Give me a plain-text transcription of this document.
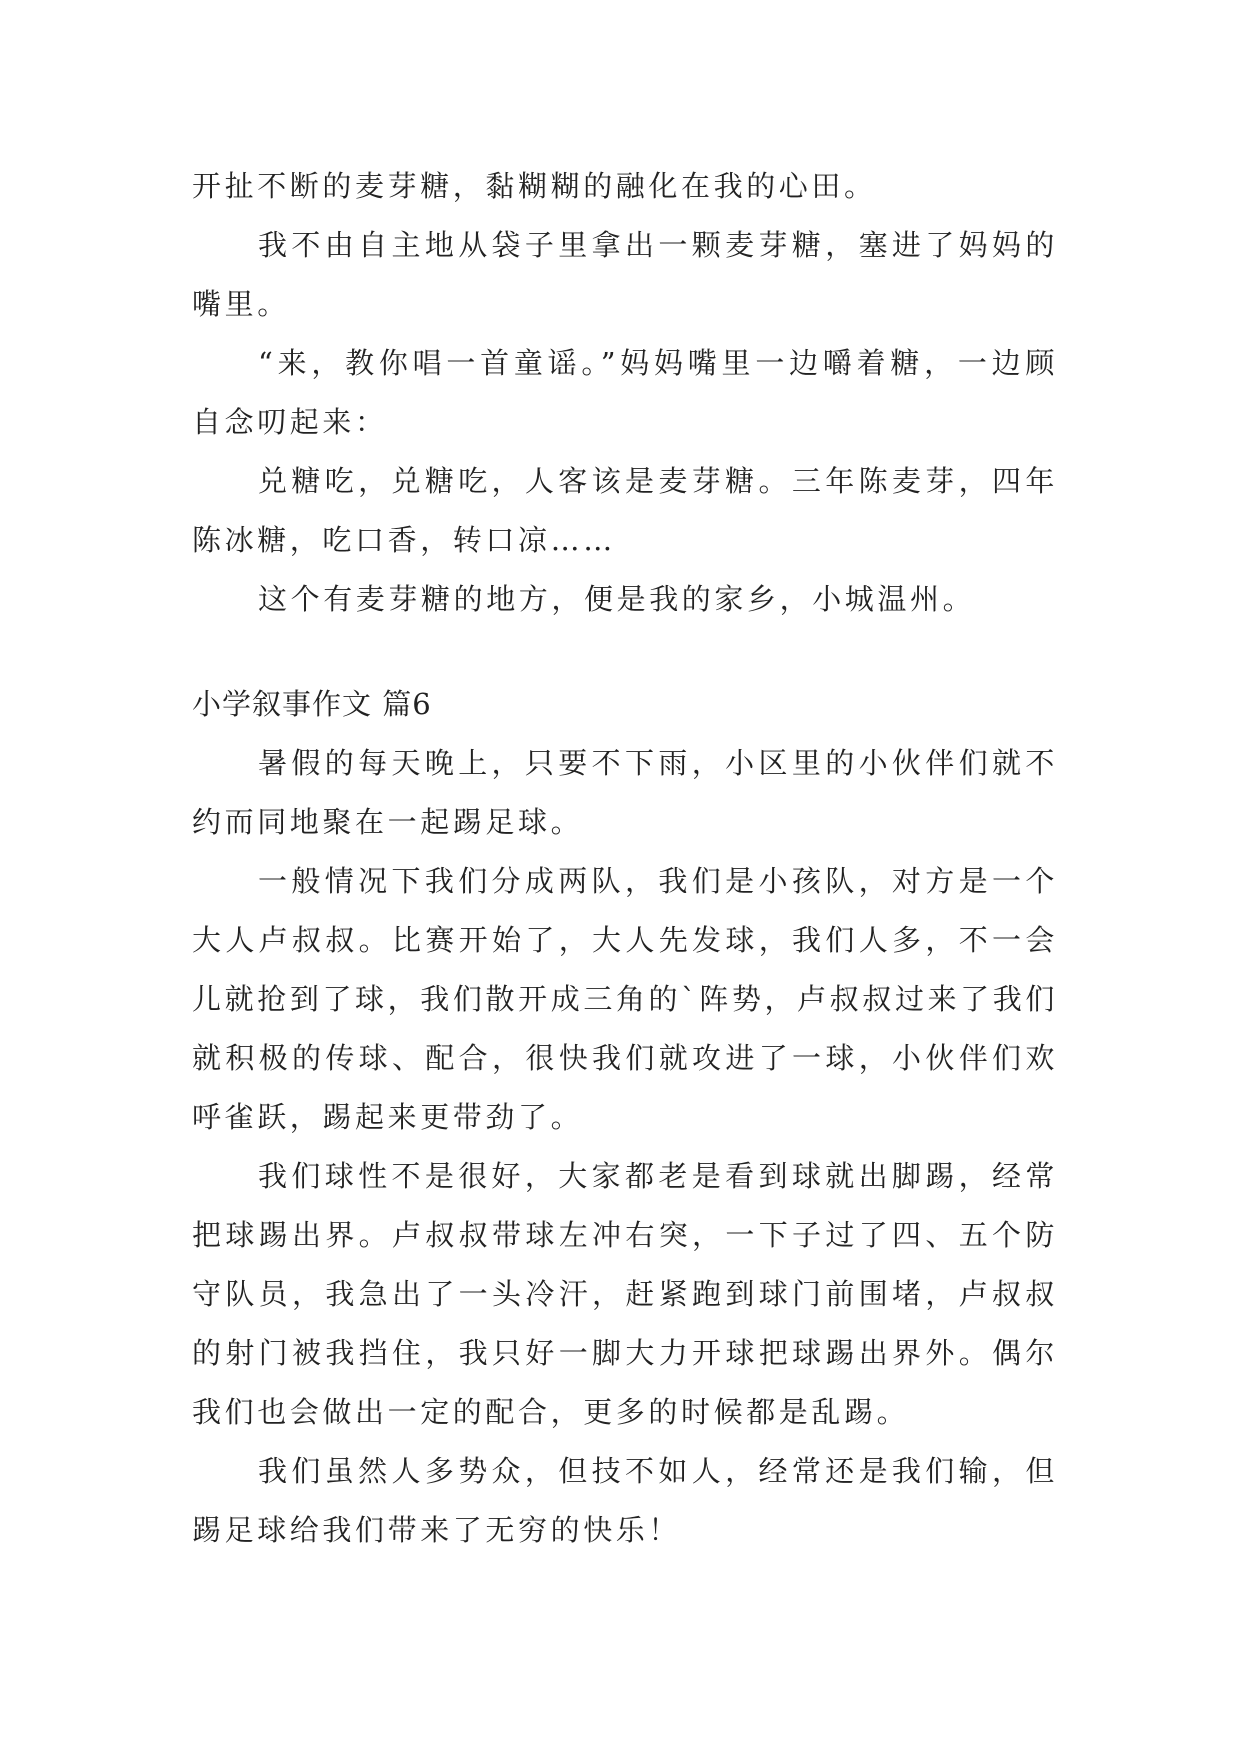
开扯不断的麦芽糖，黏糊糊的融化在我的心田。

我不由自主地从袋子里拿出一颗麦芽糖，塞进了妈妈的嘴里。

“来，教你唱一首童谣。”妈妈嘴里一边嚼着糖，一边顾自念叨起来：

兑糖吃，兑糖吃，人客该是麦芽糖。三年陈麦芽，四年陈冰糖，吃口香，转口凉……

这个有麦芽糖的地方，便是我的家乡，小城温州。

小学叙事作文 篇6

暑假的每天晚上，只要不下雨，小区里的小伙伴们就不约而同地聚在一起踢足球。

一般情况下我们分成两队，我们是小孩队，对方是一个大人卢叔叔。比赛开始了，大人先发球，我们人多，不一会儿就抢到了球，我们散开成三角的`阵势，卢叔叔过来了我们就积极的传球、配合，很快我们就攻进了一球，小伙伴们欢呼雀跃，踢起来更带劲了。

我们球性不是很好，大家都老是看到球就出脚踢，经常把球踢出界。卢叔叔带球左冲右突，一下子过了四、五个防守队员，我急出了一头冷汗，赶紧跑到球门前围堵，卢叔叔的射门被我挡住，我只好一脚大力开球把球踢出界外。偶尔我们也会做出一定的配合，更多的时候都是乱踢。

我们虽然人多势众，但技不如人，经常还是我们输，但踢足球给我们带来了无穷的快乐！
